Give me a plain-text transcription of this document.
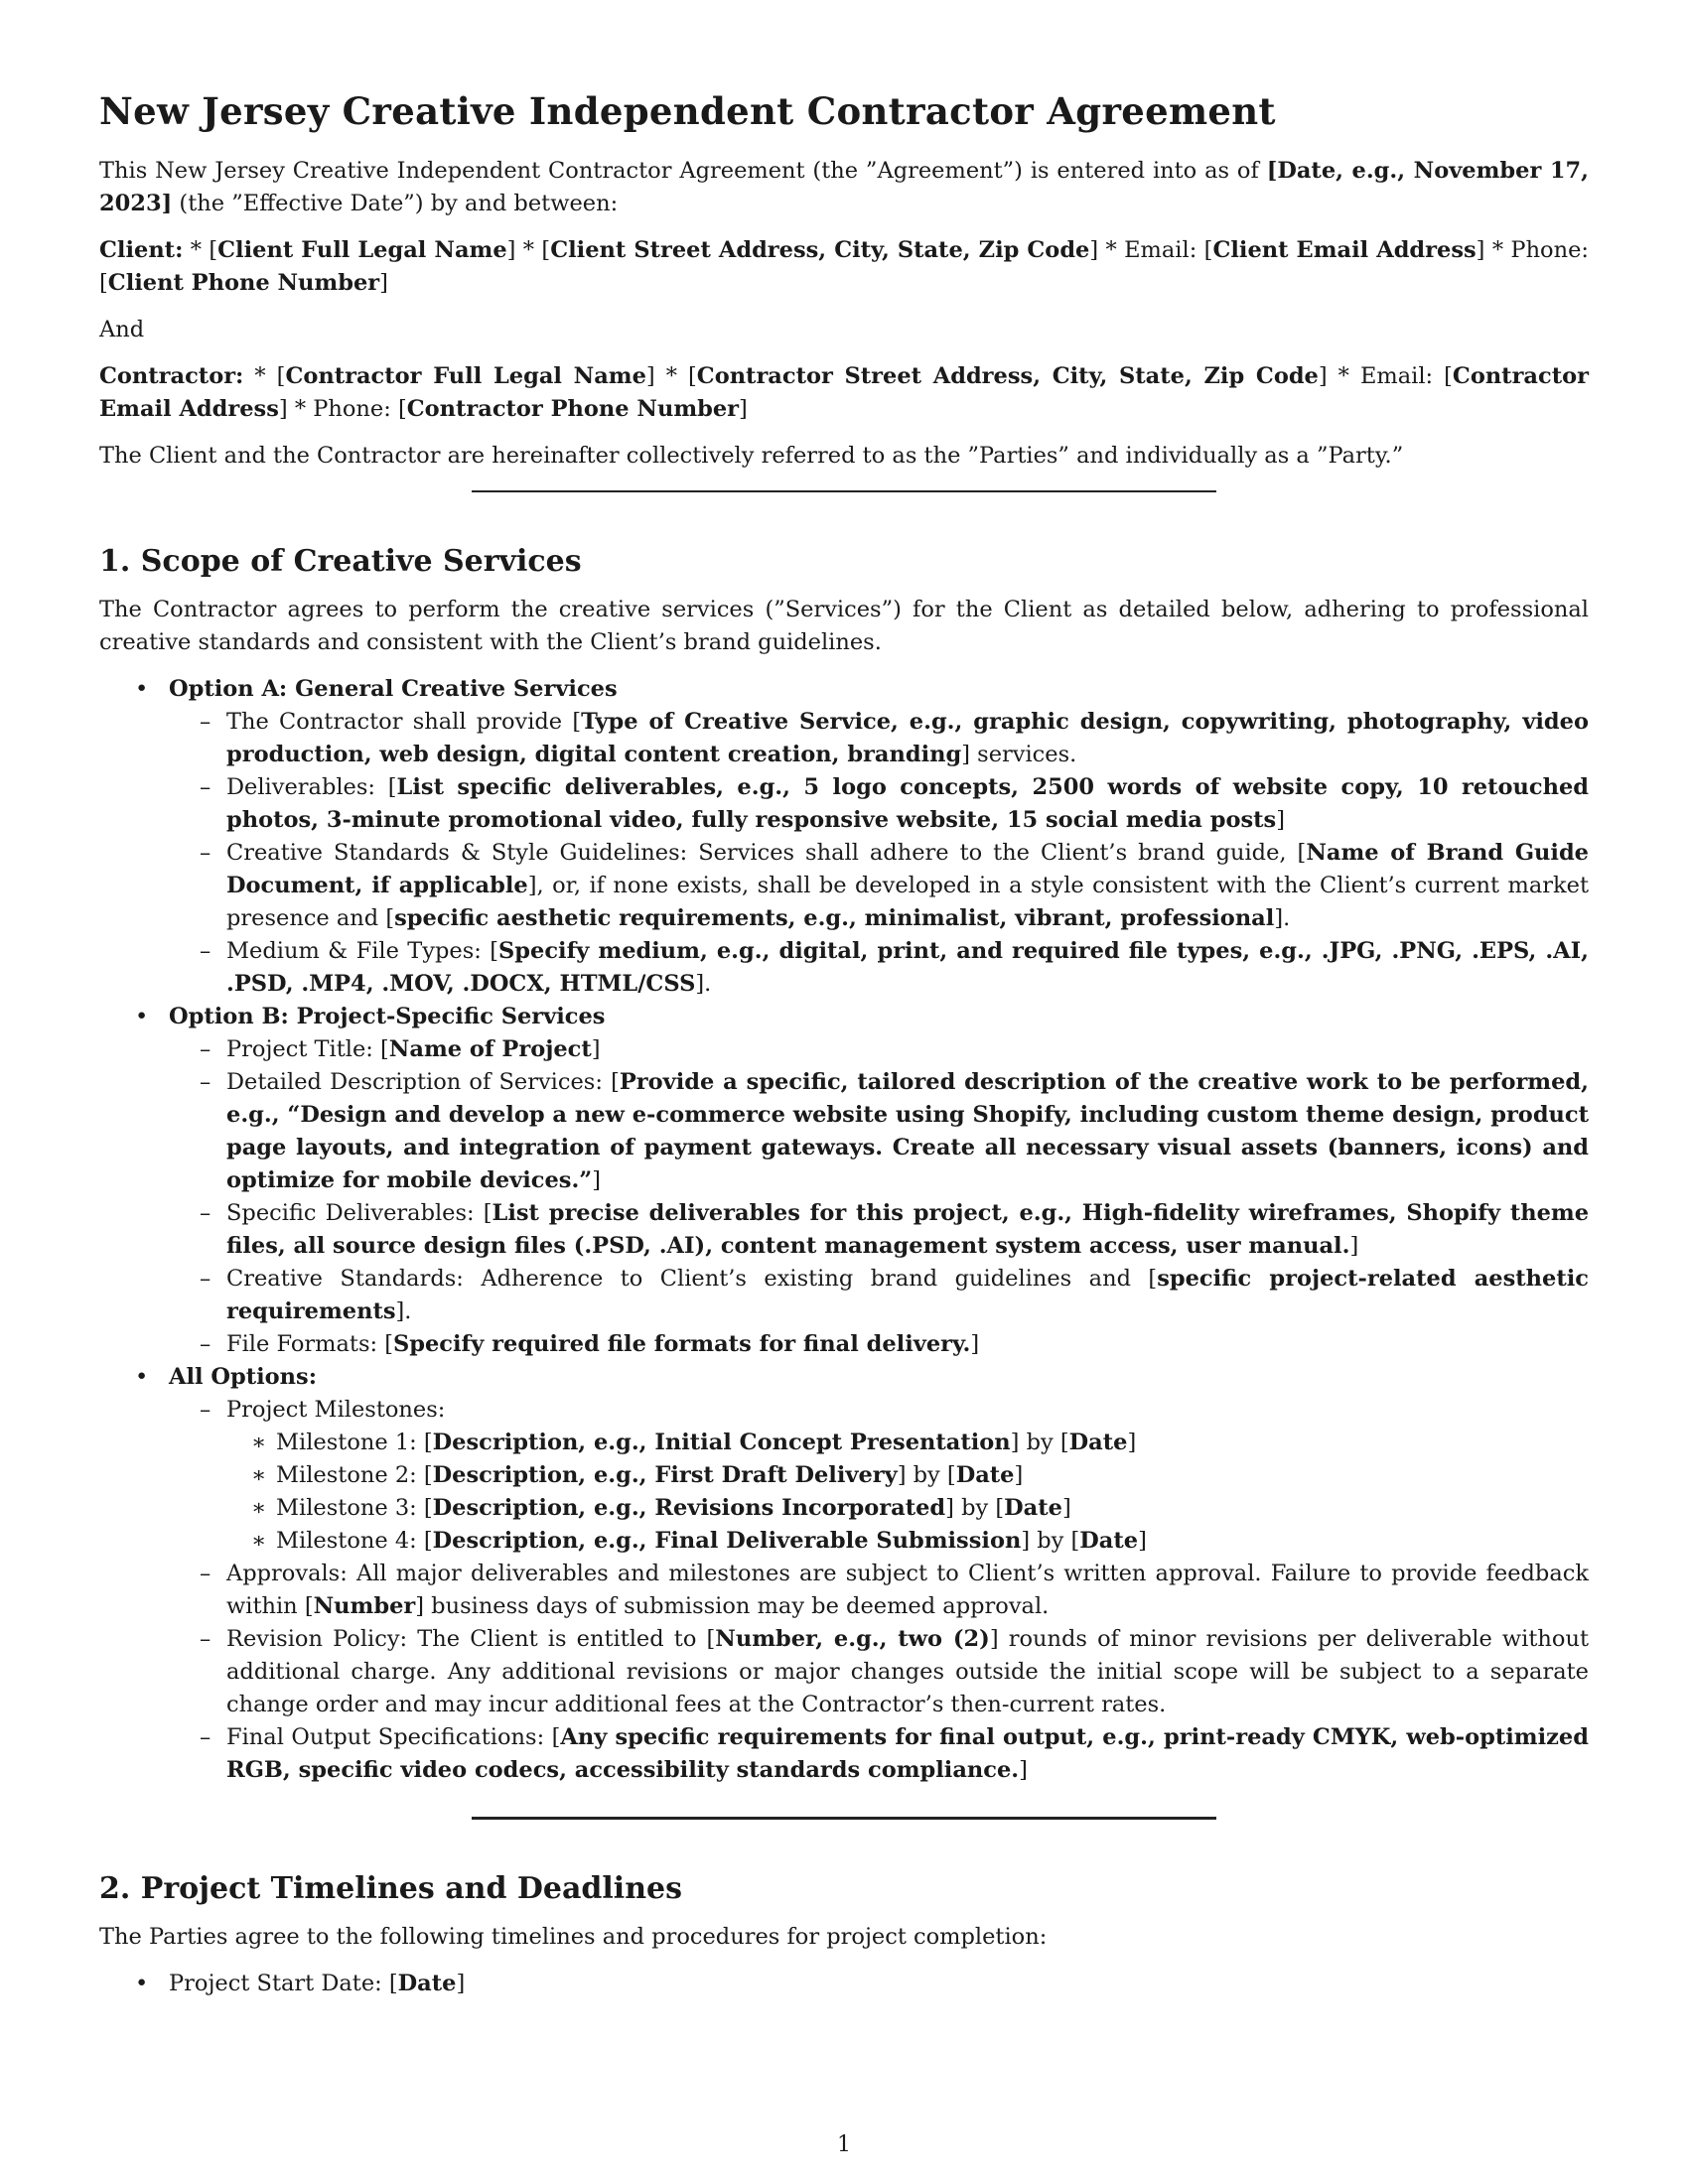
New Jersey Creative Independent Contractor Agreement

This New Jersey Creative Independent Contractor Agreement (the ”Agreement”) is entered into as of [Date, e.g., November 17, 2023] (the ”Effective Date”) by and between:

Client: * [Client Full Legal Name] * [Client Street Address, City, State, Zip Code] * Email: [Client Email Address] * Phone: [Client Phone Number]

And

Contractor: * [Contractor Full Legal Name] * [Contractor Street Address, City, State, Zip Code] * Email: [Contractor Email Address] * Phone: [Contractor Phone Number]

The Client and the Contractor are hereinafter collectively referred to as the ”Parties” and individually as a ”Party.”

1. Scope of Creative Services

The Contractor agrees to perform the creative services (”Services”) for the Client as detailed below, adhering to professional creative standards and consistent with the Client’s brand guidelines.

• Option A: General Creative Services
– The Contractor shall provide [Type of Creative Service, e.g., graphic design, copywriting, photography, video production, web design, digital content creation, branding] services.
– Deliverables: [List specific deliverables, e.g., 5 logo concepts, 2500 words of website copy, 10 retouched photos, 3-minute promotional video, fully responsive website, 15 social media posts]
– Creative Standards & Style Guidelines: Services shall adhere to the Client’s brand guide, [Name of Brand Guide Document, if applicable], or, if none exists, shall be developed in a style consistent with the Client’s current market presence and [specific aesthetic requirements, e.g., minimalist, vibrant, professional].
– Medium & File Types: [Specify medium, e.g., digital, print, and required file types, e.g., .JPG, .PNG, .EPS, .AI, .PSD, .MP4, .MOV, .DOCX, HTML/CSS].
• Option B: Project-Specific Services
– Project Title: [Name of Project]
– Detailed Description of Services: [Provide a specific, tailored description of the creative work to be performed, e.g., “Design and develop a new e-commerce website using Shopify, including custom theme design, product page layouts, and integration of payment gateways. Create all necessary visual assets (banners, icons) and optimize for mobile devices.”]
– Specific Deliverables: [List precise deliverables for this project, e.g., High-fidelity wireframes, Shopify theme files, all source design files (.PSD, .AI), content management system access, user manual.]
– Creative Standards: Adherence to Client’s existing brand guidelines and [specific project-related aesthetic requirements].
– File Formats: [Specify required file formats for final delivery.]
• All Options:
– Project Milestones:
∗ Milestone 1: [Description, e.g., Initial Concept Presentation] by [Date]
∗ Milestone 2: [Description, e.g., First Draft Delivery] by [Date]
∗ Milestone 3: [Description, e.g., Revisions Incorporated] by [Date]
∗ Milestone 4: [Description, e.g., Final Deliverable Submission] by [Date]
– Approvals: All major deliverables and milestones are subject to Client’s written approval. Failure to provide feedback within [Number] business days of submission may be deemed approval.
– Revision Policy: The Client is entitled to [Number, e.g., two (2)] rounds of minor revisions per deliverable without additional charge. Any additional revisions or major changes outside the initial scope will be subject to a separate change order and may incur additional fees at the Contractor’s then-current rates.
– Final Output Specifications: [Any specific requirements for final output, e.g., print-ready CMYK, web-optimized RGB, specific video codecs, accessibility standards compliance.]
2. Project Timelines and Deadlines

The Parties agree to the following timelines and procedures for project completion:

• Project Start Date: [Date]
1
